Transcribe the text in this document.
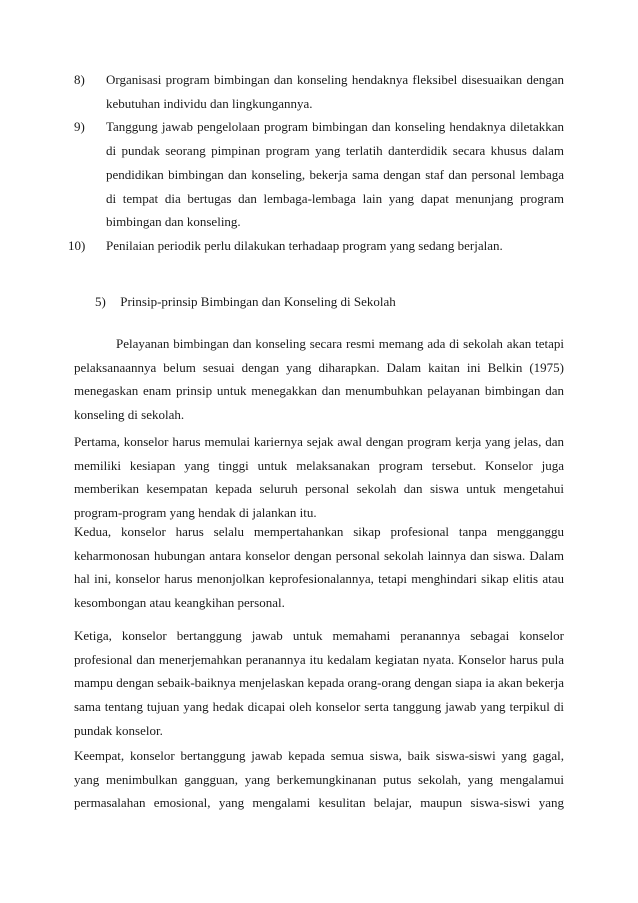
8)	Organisasi program bimbingan dan konseling hendaknya fleksibel disesuaikan dengan kebutuhan individu dan lingkungannya.
9)	Tanggung jawab pengelolaan program bimbingan dan konseling hendaknya diletakkan di pundak seorang pimpinan program yang terlatih danterdidik secara khusus dalam pendidikan bimbingan dan konseling, bekerja sama dengan staf dan personal lembaga di tempat dia bertugas dan lembaga-lembaga lain yang dapat menunjang program bimbingan dan konseling.
10)	Penilaian periodik perlu dilakukan terhadaap program yang sedang berjalan.
5) Prinsip-prinsip Bimbingan dan Konseling di Sekolah

Pelayanan bimbingan dan konseling secara resmi memang ada di sekolah akan tetapi pelaksanaannya belum sesuai dengan yang diharapkan. Dalam kaitan ini Belkin (1975) menegaskan enam prinsip untuk menegakkan dan menumbuhkan pelayanan bimbingan dan konseling di sekolah.

Pertama, konselor harus memulai kariernya sejak awal dengan program kerja yang jelas, dan memiliki kesiapan yang tinggi untuk melaksanakan program tersebut. Konselor juga memberikan kesempatan kepada seluruh personal sekolah dan siswa untuk mengetahui program-program yang hendak di jalankan itu.

Kedua, konselor harus selalu mempertahankan sikap profesional tanpa mengganggu keharmonosan hubungan antara konselor dengan personal sekolah lainnya dan siswa. Dalam hal ini, konselor harus menonjolkan keprofesionalannya, tetapi menghindari sikap elitis atau kesombongan atau keangkihan personal.

Ketiga, konselor bertanggung jawab untuk memahami peranannya sebagai konselor profesional dan menerjemahkan peranannya itu kedalam kegiatan nyata. Konselor harus pula mampu dengan sebaik-baiknya menjelaskan kepada orang-orang dengan siapa ia akan bekerja sama tentang tujuan yang hedak dicapai oleh konselor serta tanggung jawab yang terpikul di pundak konselor.

Keempat, konselor bertanggung jawab kepada semua siswa, baik siswa-siswi yang gagal, yang menimbulkan gangguan, yang berkemungkinanan putus sekolah, yang mengalamui permasalahan emosional, yang mengalami kesulitan belajar, maupun siswa-siswi yang
